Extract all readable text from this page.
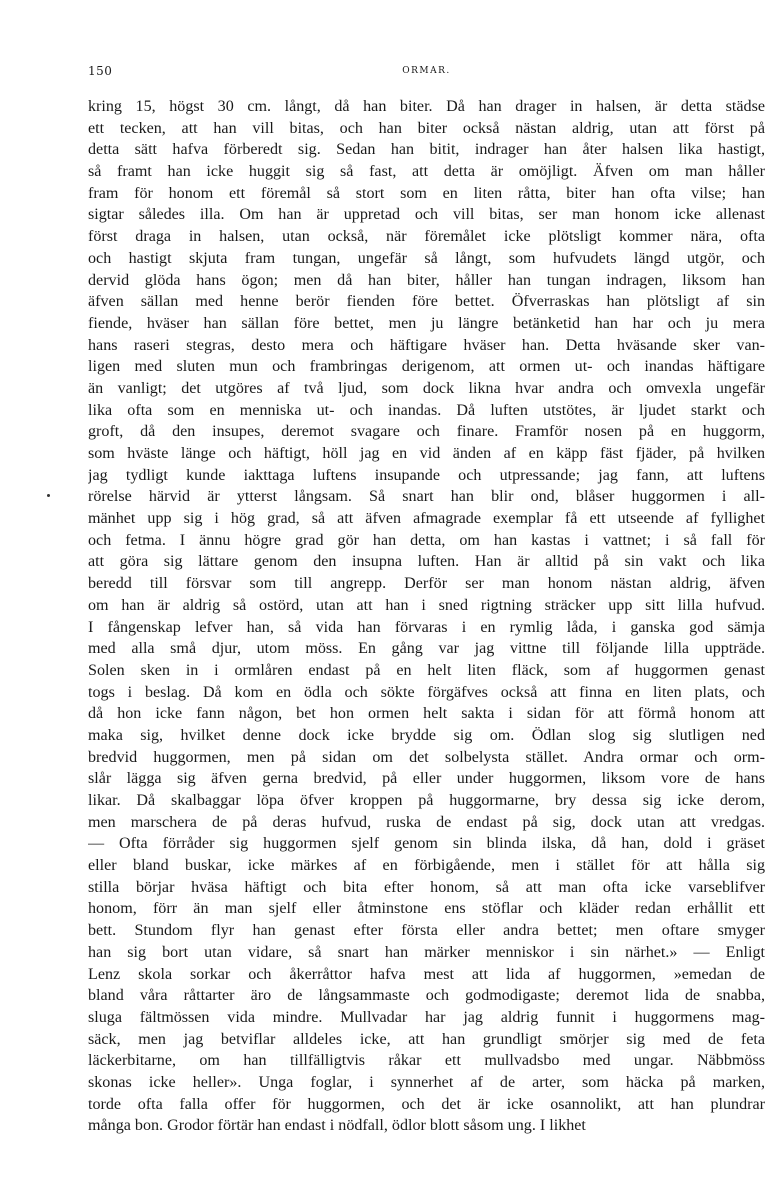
150	ORMAR.
kring 15, högst 30 cm. långt, då han biter. Då han drager in halsen, är detta städse
ett tecken, att han vill bitas, och han biter också nästan aldrig, utan att först på
detta sätt hafva förberedt sig. Sedan han bitit, indrager han åter halsen lika hastigt,
så framt han icke huggit sig så fast, att detta är omöjligt. Äfven om man håller
fram för honom ett föremål så stort som en liten råtta, biter han ofta vilse; han
sigtar således illa. Om han är uppretad och vill bitas, ser man honom icke allenast
först draga in halsen, utan också, när föremålet icke plötsligt kommer nära, ofta
och hastigt skjuta fram tungan, ungefär så långt, som hufvudets längd utgör, och
dervid glöda hans ögon; men då han biter, håller han tungan indragen, liksom han
äfven sällan med henne berör fienden före bettet. Öfverraskas han plötsligt af sin
fiende, hväser han sällan före bettet, men ju längre betänketid han har och ju mera
hans raseri stegras, desto mera och häftigare hväser han. Detta hväsande sker van-
ligen med sluten mun och frambringas derigenom, att ormen ut- och inandas häftigare
än vanligt; det utgöres af två ljud, som dock likna hvar andra och omvexla ungefär
lika ofta som en menniska ut- och inandas. Då luften utstötes, är ljudet starkt och
groft, då den insupes, deremot svagare och finare. Framför nosen på en huggorm,
som hväste länge och häftigt, höll jag en vid änden af en käpp fäst fjäder, på hvilken
jag tydligt kunde iakttaga luftens insupande och utpressande; jag fann, att luftens
rörelse härvid är ytterst långsam. Så snart han blir ond, blåser huggormen i all-
mänhet upp sig i hög grad, så att äfven afmagrade exemplar få ett utseende af fyllighet
och fetma. I ännu högre grad gör han detta, om han kastas i vattnet; i så fall för
att göra sig lättare genom den insupna luften. Han är alltid på sin vakt och lika
beredd till försvar som till angrepp. Derför ser man honom nästan aldrig, äfven
om han är aldrig så ostörd, utan att han i sned rigtning sträcker upp sitt lilla hufvud.
I fångenskap lefver han, så vida han förvaras i en rymlig låda, i ganska god sämja
med alla små djur, utom möss. En gång var jag vittne till följande lilla uppträde.
Solen sken in i ormlåren endast på en helt liten fläck, som af huggormen genast
togs i beslag. Då kom en ödla och sökte förgäfves också att finna en liten plats, och
då hon icke fann någon, bet hon ormen helt sakta i sidan för att förmå honom att
maka sig, hvilket denne dock icke brydde sig om. Ödlan slog sig slutligen ned
bredvid huggormen, men på sidan om det solbelysta stället. Andra ormar och orm-
slår lägga sig äfven gerna bredvid, på eller under huggormen, liksom vore de hans
likar. Då skalbaggar löpa öfver kroppen på huggormarne, bry dessa sig icke derom,
men marschera de på deras hufvud, ruska de endast på sig, dock utan att vredgas.
— Ofta förråder sig huggormen sjelf genom sin blinda ilska, då han, dold i gräset
eller bland buskar, icke märkes af en förbigående, men i stället för att hålla sig
stilla börjar hväsa häftigt och bita efter honom, så att man ofta icke varseblifver
honom, förr än man sjelf eller åtminstone ens stöflar och kläder redan erhållit ett
bett. Stundom flyr han genast efter första eller andra bettet; men oftare smyger
han sig bort utan vidare, så snart han märker menniskor i sin närhet.» — Enligt
Lenz skola sorkar och åkerråttor hafva mest att lida af huggormen, »emedan de
bland våra råttarter äro de långsammaste och godmodigaste; deremot lida de snabba,
sluga fältmössen vida mindre. Mullvadar har jag aldrig funnit i huggormens mag-
säck, men jag betviflar alldeles icke, att han grundligt smörjer sig med de feta
läckerbitarne, om han tillfälligtvis råkar ett mullvadsbo med ungar. Näbbmöss
skonas icke heller». Unga foglar, i synnerhet af de arter, som häcka på marken,
torde ofta falla offer för huggormen, och det är icke osannolikt, att han plundrar
många bon. Grodor förtär han endast i nödfall, ödlor blott såsom ung. I likhet
